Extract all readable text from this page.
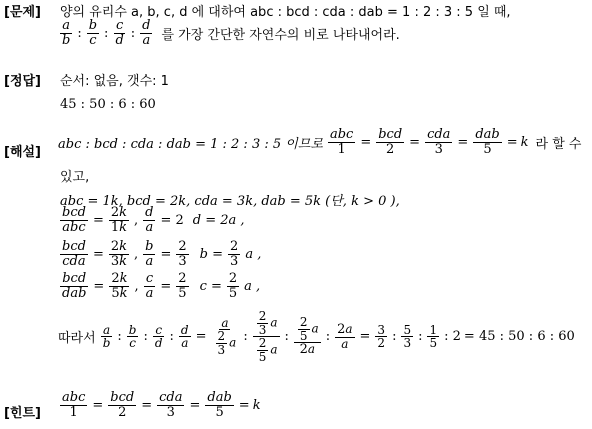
[문제] 양의 유리수 a, b, c, d 에 대하여 abc : bcd : cda : dab = 1 : 2 : 3 : 5 일 때,
$\frac{a}{b}$ : $\frac{b}{c}$ : $\frac{c}{d}$ : $\frac{d}{a}$ 를 가장 간단한 자연수의 비로 나타내어라.
[정답] 순서: 없음, 갯수: 1
45 : 50 : 6 : 60
[해설]
abc : bcd : cda : dab = 1 : 2 : 3 : 5 이므로 $\frac{\text{abc}}{1} = \frac{\text{bcd}}{2} = \frac{\text{cda}}{3} = \frac{\text{dab}}{5} = k$ 라 할 수
있고,
abc = 1k, bcd = 2k, cda = 3k, dab = 5k (단, k > 0 ),
$\frac{\text{bcd}}{\text{abc}} = \frac{2k}{1k}$ , $\frac{d}{a} = 2$ d = 2a ,
$\frac{\text{bcd}}{\text{cda}} = \frac{2k}{3k}$ , $\frac{b}{a} = \frac{2}{3}$ $b = \frac{2}{3}$ a ,
$\frac{\text{bcd}}{\text{dab}} = \frac{2k}{5k}$ , $\frac{c}{a} = \frac{2}{5}$ $c = \frac{2}{5}$ a ,
따라서 $\frac{a}{b}$ : $\frac{b}{c}$ : $\frac{c}{d}$ : $\frac{d}{a} = \frac{a}{\frac{2}{3} a}$ : $\frac{\frac{2}{3} a}{\frac{2}{5} a}$ : $\frac{\frac{2}{5} a}{2a}$ : $\frac{2a}{a} = \frac{3}{2}$ : $\frac{5}{3}$ : $\frac{1}{5}$ : 2 = 45 : 50 : 6 : 60
[힌트] $\frac{\text{abc}}{1} = \frac{\text{bcd}}{2} = \frac{\text{cda}}{3} = \frac{\text{dab}}{5} = k$
